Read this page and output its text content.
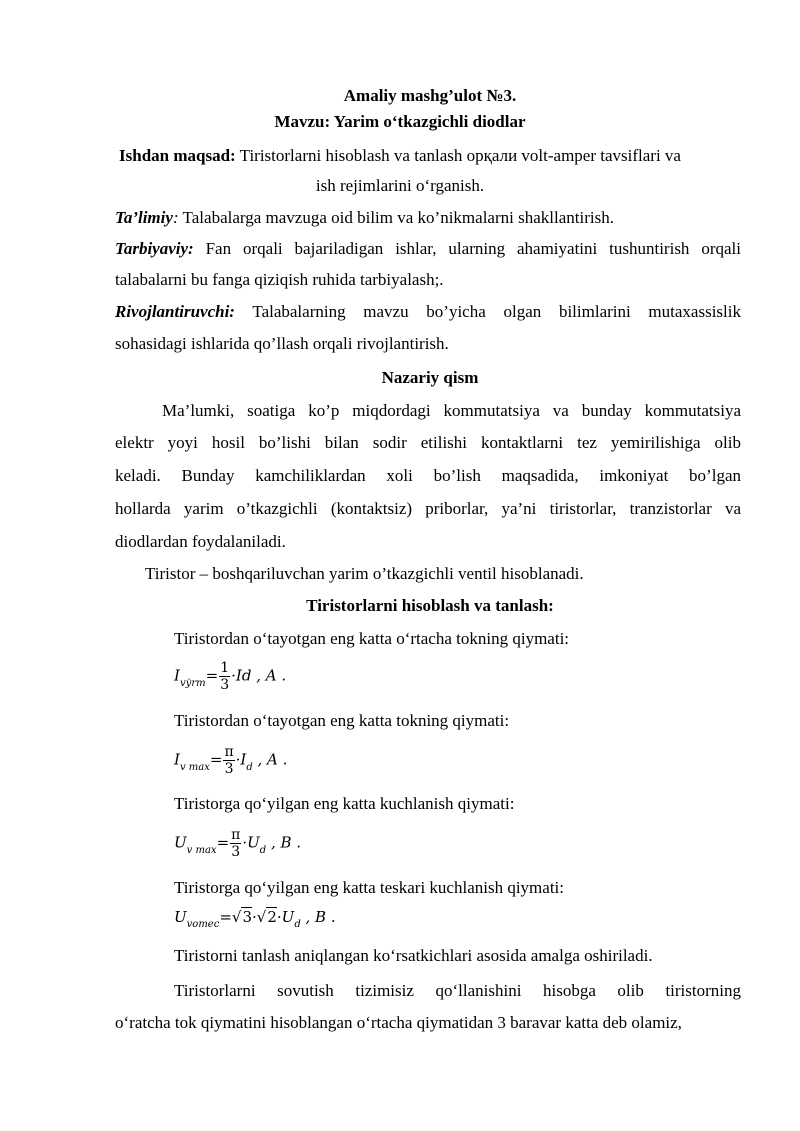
Amaliy mashg’ulot №3.
Mavzu: Yarim o‘tkazgichli diodlar
Ishdan maqsad: Tiristorlarni hisoblash va tanlash opқали volt-amper tavsiflari va
ish rejimlarini o‘rganish.
Ta’limiy: Talabalarga mavzuga oid bilim va ko’nikmalarni shakllantirish.
Tarbiyaviy: Fan orqali bajariladigan ishlar, ularning ahamiyatini tushuntirish orqali
talabalarni bu fanga qiziqish ruhida tarbiyalash;.
Rivojlantiruvchi: Talabalarning mavzu bo’yicha olgan bilimlarini mutaxassislik
sohasidagi ishlarida qo’llash orqali rivojlantirish.
Nazariy qism
Ma’lumki, soatiga ko’p miqdordagi kommutatsiya va bunday kommutatsiya
elektr yoyi hosil bo’lishi bilan sodir etilishi kontaktlarni tez yemirilishiga olib
keladi. Bunday kamchiliklardan xoli bo’lish maqsadida, imkoniyat bo’lgan
hollarda yarim o’tkazgichli (kontaktsiz) priborlar, ya’ni tiristorlar, tranzistorlar va
diodlardan foydalaniladi.
Tiristor – boshqariluvchan yarim o’tkazgichli ventil hisoblanadi.
Tiristorlarni hisoblash va tanlash:
Tiristordan o‘tayotgan eng katta o‘rtacha tokning qiymati:
$I_{vўrm}= \frac{1}{3} \cdot Id$ , A .
Tiristordan o‘tayotgan eng katta tokning qiymati:
$I_{v max}= \frac{\pi}{3} \cdot I_d$ , A .
Tiristorga qo‘yilgan eng katta kuchlanish qiymati:
$U_{v max}= \frac{\pi}{3} \cdot U_d$ , B .
Tiristorga qo‘yilgan eng katta teskari kuchlanish qiymati:
$U_{vomec}=√3\cdot√2\cdot U_d$ , B .
Tiristorni tanlash aniqlangan ko‘rsatkichlari asosida amalga oshiriladi.
Tiristorlarni sovutish tizimisiz qo‘llanishini hisobga olib tiristorning
o‘ratcha tok qiymatini hisoblangan o‘rtacha qiymatidan 3 baravar katta deb olamiz,
